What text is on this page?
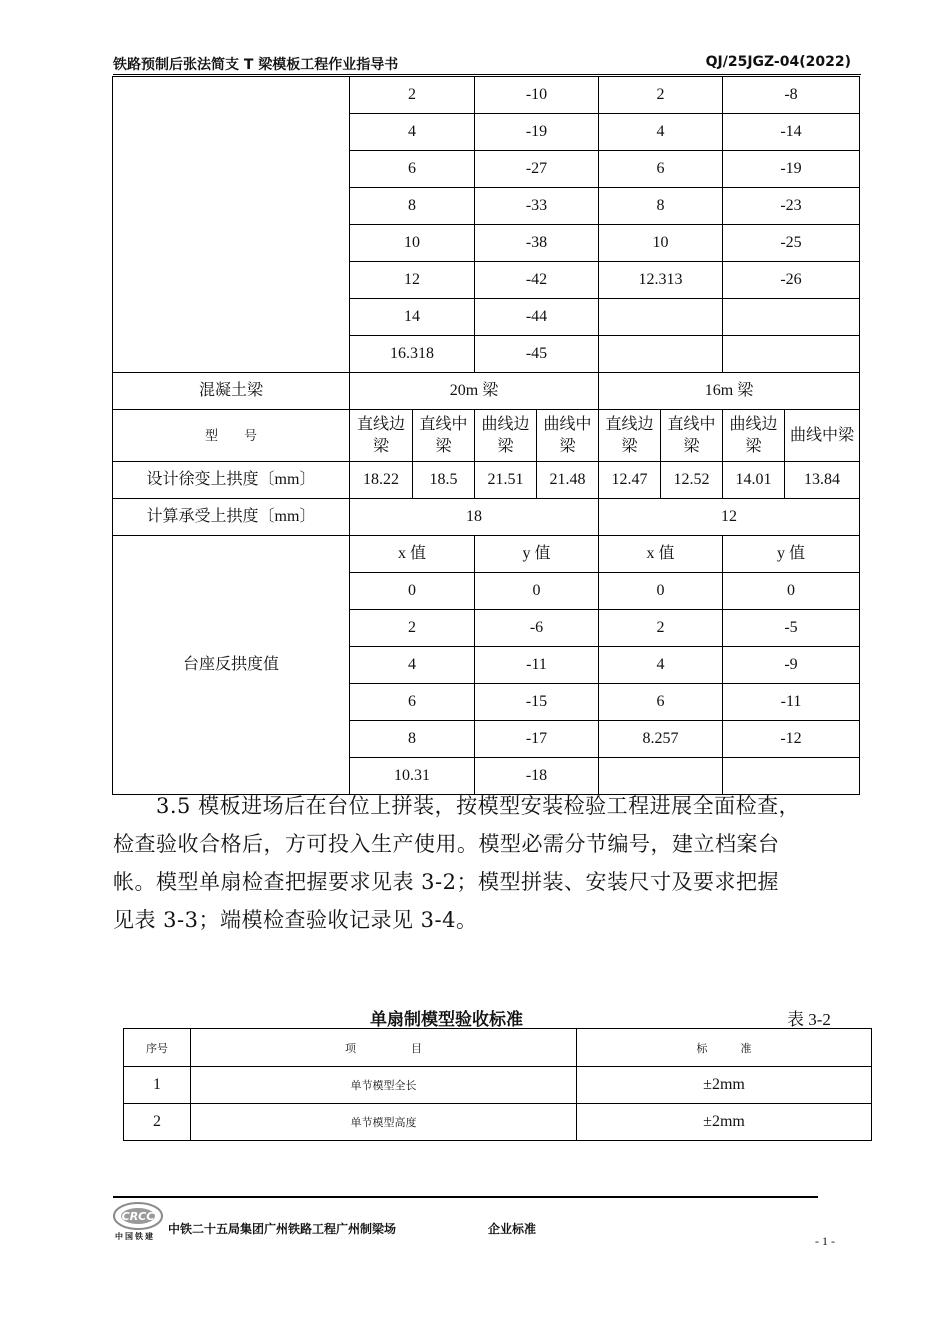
铁路预制后张法简支 T 梁模板工程作业指导书	QJ/25JGZ-04(2022)
	2		-10		2		-8	
	4		-19		4		-14	
	6		-27		6		-19	
	8		-33		8		-23	
	10		-38		10		-25	
	12		-42		12.313		-26	
	14		-44					
	16.318		-45					
混凝土梁	20m 梁				16m 梁			
型　　号	直线边梁	直线中梁	曲线边梁	曲线中梁	直线边梁	直线中梁	曲线边梁	曲线中梁
设计徐变上拱度〔mm〕	18.22	18.5	21.51	21.48	12.47	12.52	14.01	13.84
计算承受上拱度〔mm〕	18				12			
台座反拱度值	x 值		y 值		x 值		y 值	
	0		0		0		0	
	2		-6		2		-5	
	4		-11		4		-9	
	6		-15		6		-11	
	8		-17		8.257		-12	
	10.31		-18					
　　3.5 模板进场后在台位上拼装，按模型安装检验工程进展全面检查，
检查验收合格后，方可投入生产使用。模型必需分节编号，建立档案台
帐。模型单扇检查把握要求见表 3-2；模型拼装、安装尺寸及要求把握
见表 3-3；端模检查验收记录见 3-4。
单扇制模型验收标准	表 3-2
序号	项　　　　　目	标　　　准
1	单节模型全长	±2mm
2	单节模型高度	±2mm
CRCC
中国铁建
中铁二十五局集团广州铁路工程广州制梁场	企业标准
- 1 -
